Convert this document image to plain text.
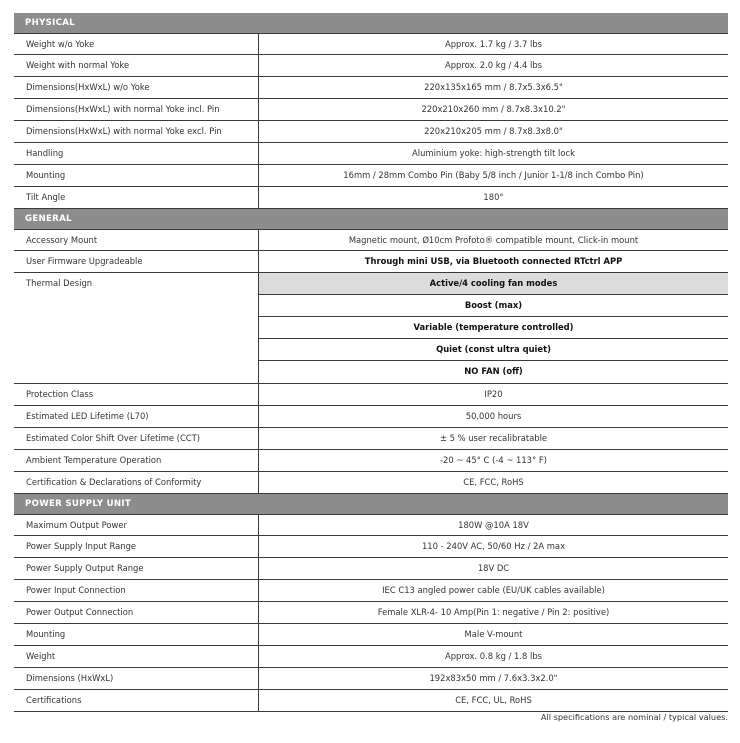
PHYSICAL
Weight w/o Yoke	Approx. 1.7 kg / 3.7 lbs
Weight with normal Yoke	Approx. 2.0 kg / 4.4 lbs
Dimensions(HxWxL) w/o Yoke	220x135x165 mm / 8.7x5.3x6.5"
Dimensions(HxWxL) with normal Yoke incl. Pin	220x210x260 mm / 8.7x8.3x10.2"
Dimensions(HxWxL) with normal Yoke excl. Pin	220x210x205 mm / 8.7x8.3x8.0"
Handling	Aluminium yoke: high-strength tilt lock
Mounting	16mm / 28mm Combo Pin (Baby 5/8 inch / Junior 1-1/8 inch Combo Pin)
Tilt Angle	180°
GENERAL
Accessory Mount	Magnetic mount, Ø10cm Profoto® compatible mount, Click-in mount
User Firmware Upgradeable	Through mini USB, via Bluetooth connected RTctrl APP
Thermal Design	Active/4 cooling fan modes
Boost (max)
Variable (temperature controlled)
Quiet (const ultra quiet)
NO FAN (off)
Protection Class	IP20
Estimated LED Lifetime (L70)	50,000 hours
Estimated Color Shift Over Lifetime (CCT)	± 5 % user recalibratable
Ambient Temperature Operation	-20 ~ 45° C (-4 ~ 113° F)
Certification & Declarations of Conformity	CE, FCC, RoHS
POWER SUPPLY UNIT
Maximum Output Power	180W @10A 18V
Power Supply Input Range	110 - 240V AC, 50/60 Hz / 2A max
Power Supply Output Range	18V DC
Power Input Connection	IEC C13 angled power cable (EU/UK cables available)
Power Output Connection	Female XLR-4- 10 Amp(Pin 1: negative / Pin 2: positive)
Mounting	Male V-mount
Weight	Approx. 0.8 kg / 1.8 lbs
Dimensions (HxWxL)	192x83x50 mm / 7.6x3.3x2.0"
Certifications	CE, FCC, UL, RoHS
All specifications are nominal / typical values.
